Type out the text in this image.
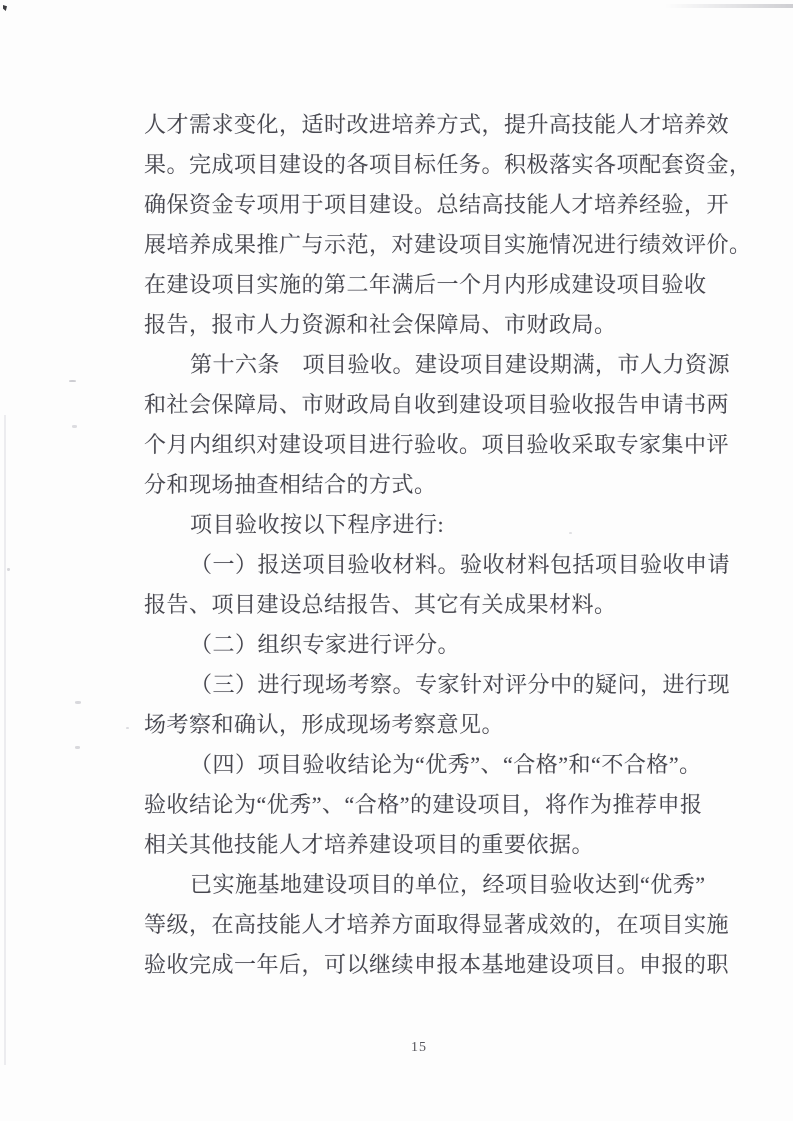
人才需求变化，适时改进培养方式，提升高技能人才培养效
果。完成项目建设的各项目标任务。积极落实各项配套资金，
确保资金专项用于项目建设。总结高技能人才培养经验，开
展培养成果推广与示范，对建设项目实施情况进行绩效评价。
在建设项目实施的第二年满后一个月内形成建设项目验收
报告，报市人力资源和社会保障局、市财政局。
第十六条　项目验收。建设项目建设期满，市人力资源
和社会保障局、市财政局自收到建设项目验收报告申请书两
个月内组织对建设项目进行验收。项目验收采取专家集中评
分和现场抽查相结合的方式。
项目验收按以下程序进行:
（一）报送项目验收材料。验收材料包括项目验收申请
报告、项目建设总结报告、其它有关成果材料。
（二）组织专家进行评分。
（三）进行现场考察。专家针对评分中的疑问，进行现
场考察和确认，形成现场考察意见。
（四）项目验收结论为“优秀”、“合格”和“不合格”。
验收结论为“优秀”、“合格”的建设项目，将作为推荐申报
相关其他技能人才培养建设项目的重要依据。
已实施基地建设项目的单位，经项目验收达到“优秀”
等级，在高技能人才培养方面取得显著成效的，在项目实施
验收完成一年后，可以继续申报本基地建设项目。申报的职
15
